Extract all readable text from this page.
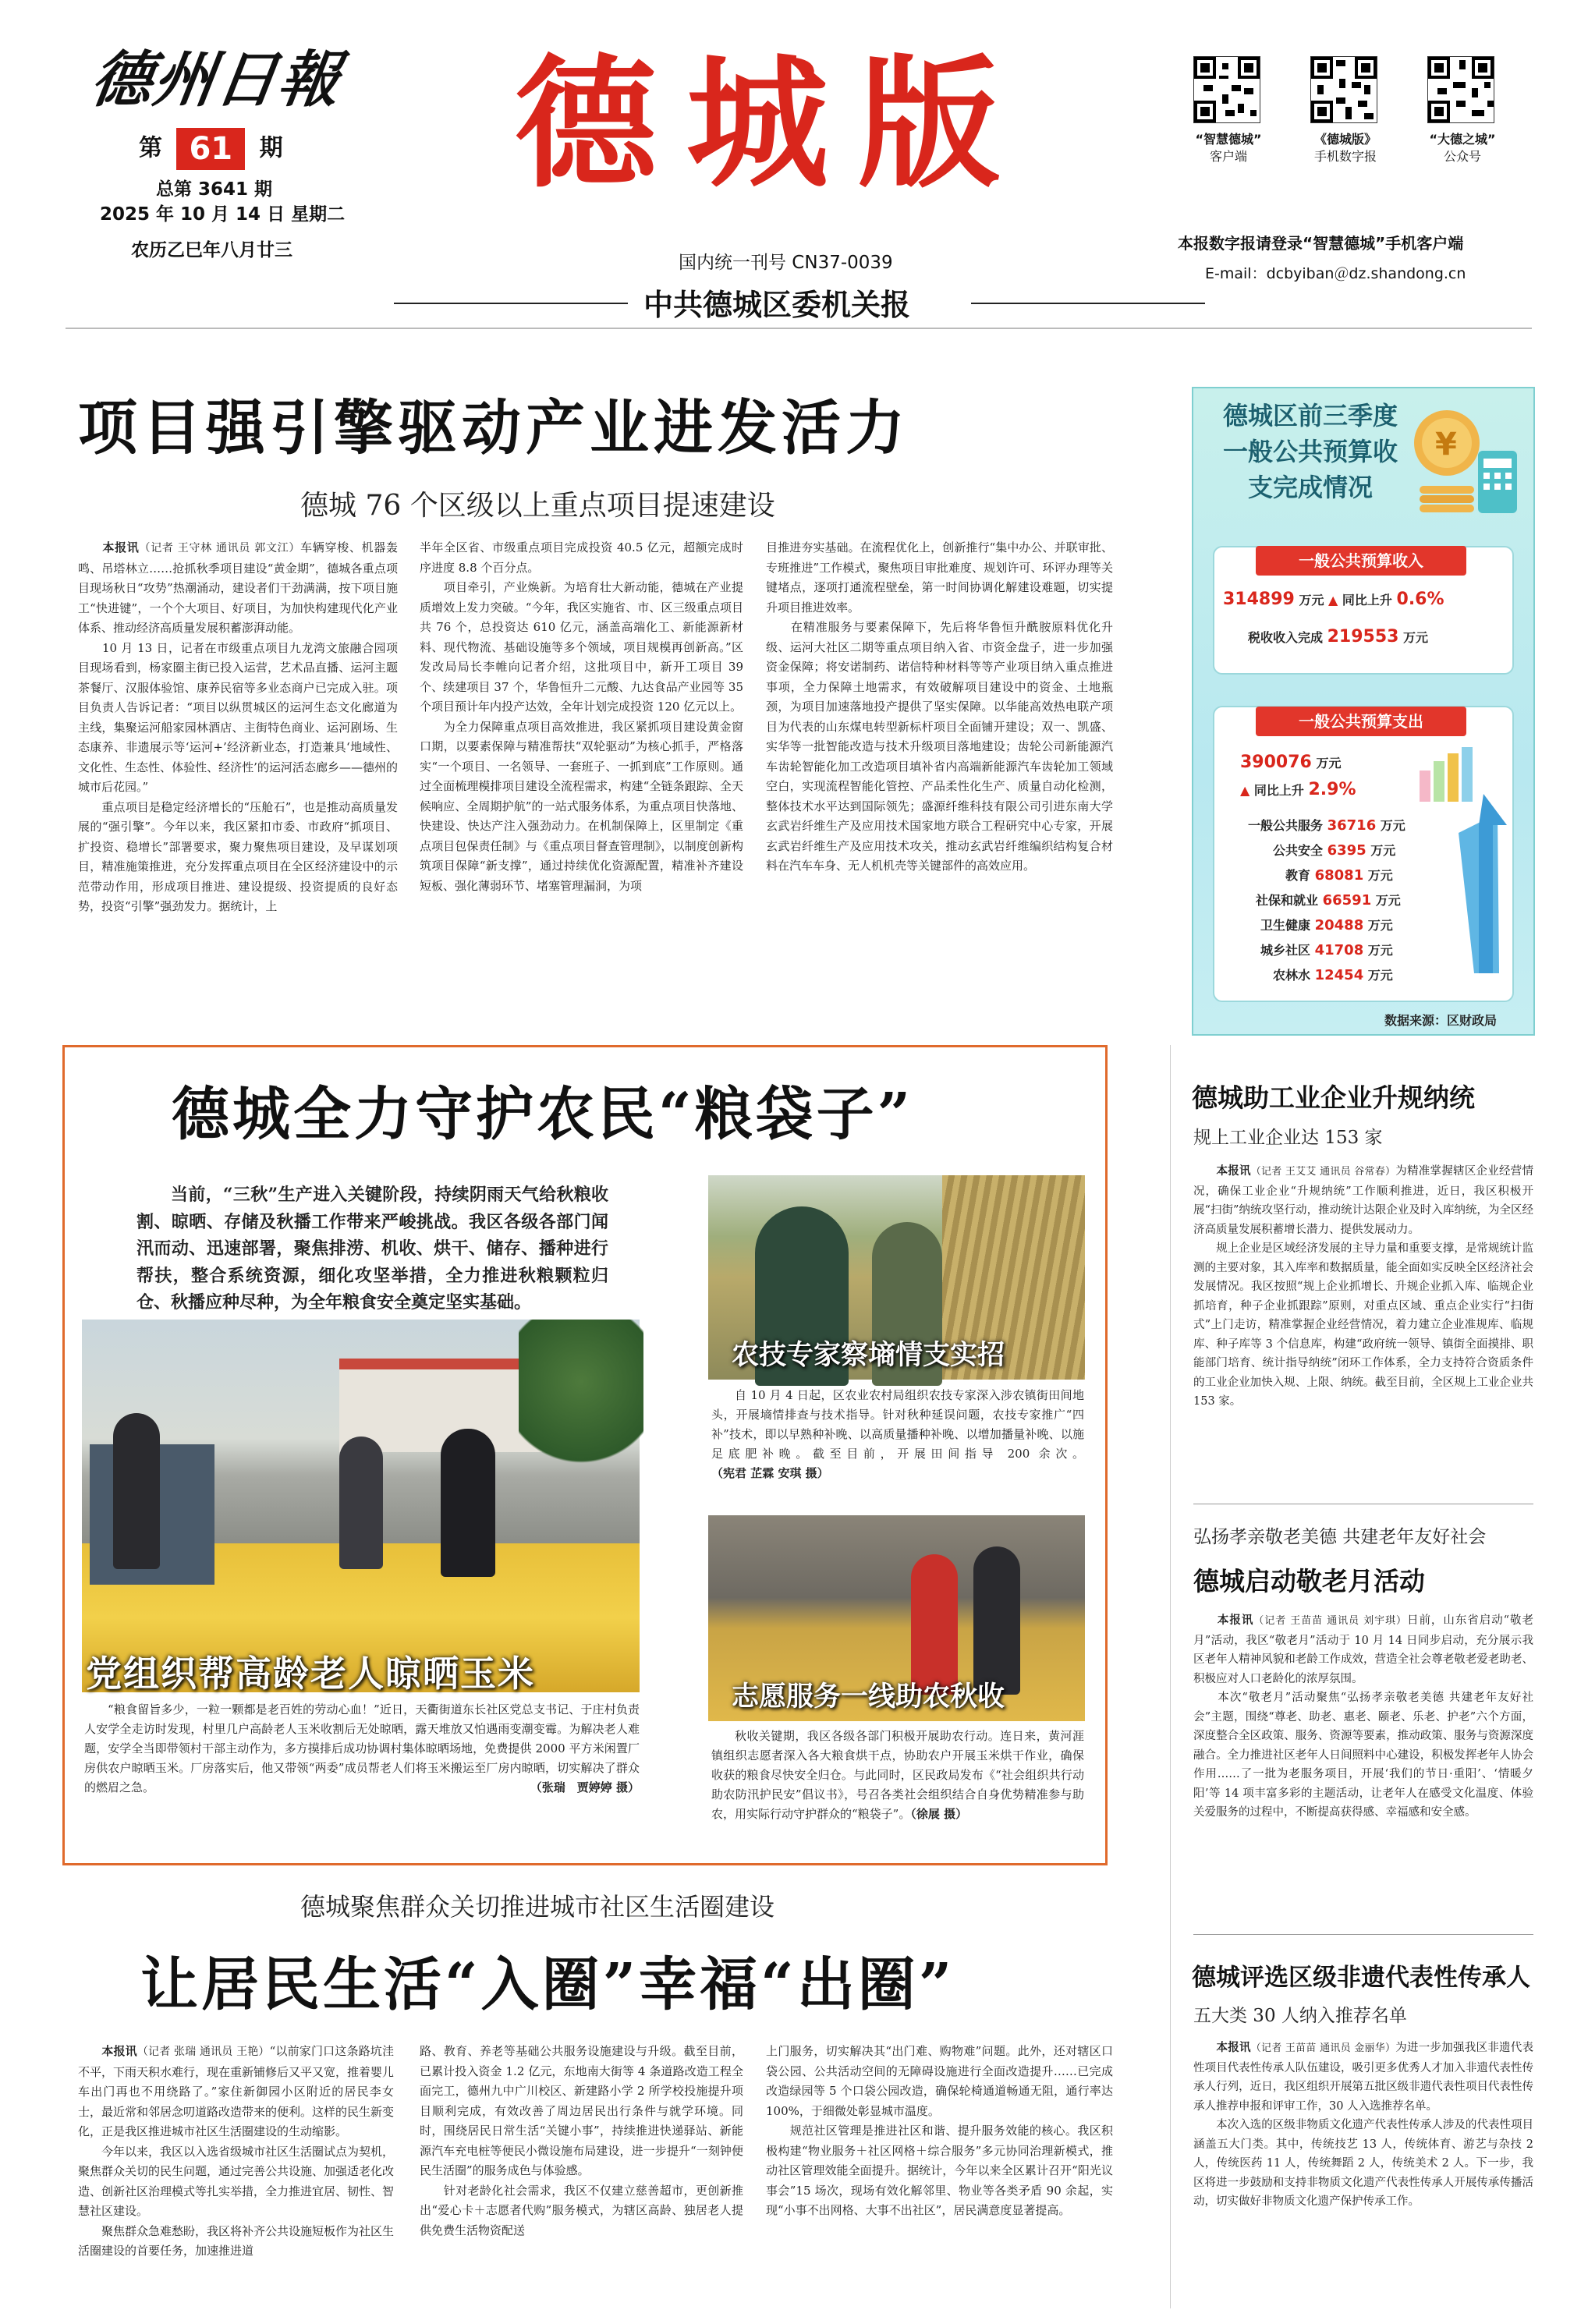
德州日報
第 61 期
总第 3641 期
2025 年 10 月 14 日 星期二
农历乙巳年八月廿三
德城版
国内统一刊号 CN37-0039
中共德城区委机关报
“智慧德城”
客户端
《德城版》
手机数字报
“大德之城”
公众号
本报数字报请登录“智慧德城”手机客户端
E-mail：dcbyiban＠dz.shandong.cn
项目强引擎驱动产业进发活力
德城 76 个区级以上重点项目提速建设
　　本报讯（记者 王守林 通讯员 郭文江）车辆穿梭、机器轰鸣、吊塔林立……抢抓秋季项目建设“黄金期”，德城各重点项目现场秋日“攻势”热潮涌动，建设者们干劲满满，按下项目施工“快进键”，一个个大项目、好项目，为加快构建现代化产业体系、推动经济高质量发展积蓄澎湃动能。
　　10 月 13 日，记者在市级重点项目九龙湾文旅融合园项目现场看到，杨家圈主街已投入运营，艺术品直播、运河主题茶餐厅、汉服体验馆、康养民宿等多业态商户已完成入驻。项目负责人告诉记者：“项目以纵贯城区的运河生态文化廊道为主线，集聚运河船家园林酒店、主街特色商业、运河剧场、生态康养、非遗展示等‘运河+’经济新业态，打造兼具‘地域性、文化性、生态性、体验性、经济性’的运河活态廊乡——德州的城市后花园。”
　　重点项目是稳定经济增长的“压舱石”，也是推动高质量发展的“强引擎”。今年以来，我区紧扣市委、市政府“抓项目、扩投资、稳增长”部署要求，聚力聚焦项目建设，及早谋划项目，精准施策推进，充分发挥重点项目在全区经济建设中的示范带动作用，形成项目推进、建设提级、投资提质的良好态势，投资“引擎”强劲发力。据统计，上
半年全区省、市级重点项目完成投资 40.5 亿元，超额完成时序进度 8.8 个百分点。
　　项目牵引，产业焕新。为培育壮大新动能，德城在产业提质增效上发力突破。“今年，我区实施省、市、区三级重点项目共 76 个，总投资达 610 亿元，涵盖高端化工、新能源新材料、现代物流、基础设施等多个领域，项目规模再创新高。”区发改局局长李帷向记者介绍，这批项目中，新开工项目 39 个、续建项目 37 个，华鲁恒升二元酸、九达食品产业园等 35 个项目预计年内投产达效，全年计划完成投资 120 亿元以上。
　　为全力保障重点项目高效推进，我区紧抓项目建设黄金窗口期，以要素保障与精准帮扶“双轮驱动”为核心抓手，严格落实“一个项目、一名领导、一套班子、一抓到底”工作原则。通过全面梳理模排项目建设全流程需求，构建“全链条跟踪、全天候响应、全周期护航”的一站式服务体系，为重点项目快落地、快建设、快达产注入强劲动力。在机制保障上，区里制定《重点项目包保责任制》与《重点项目督查管理制》，以制度创新构筑项目保障“新支撑”，通过持续优化资源配置，精准补齐建设短板、强化薄弱环节、堵塞管理漏洞，为项
目推进夯实基础。在流程优化上，创新推行“集中办公、并联审批、专班推进”工作模式，聚焦项目审批难度、规划许可、环评办理等关键堵点，逐项打通流程壁垒，第一时间协调化解建设难题，切实提升项目推进效率。
　　在精准服务与要素保障下，先后将华鲁恒升酰胺原料优化升级、运河大社区二期等重点项目纳入省、市资金盘子，进一步加强资金保障；将安诺制药、诺信特种材料等等产业项目纳入重点推进事项，全力保障土地需求，有效破解项目建设中的资金、土地瓶颈，为项目加速落地投产提供了坚实保障。以华能高效热电联产项目为代表的山东煤电转型新标杆项目全面铺开建设；双一、凯盛、实华等一批智能改造与技术升级项目落地建设；齿轮公司新能源汽车齿轮智能化加工改造项目填补省内高端新能源汽车齿轮加工领域空白，实现流程智能化管控、产品柔性化生产、质量自动化检测，整体技术水平达到国际领先；盛源纤维科技有限公司引进东南大学玄武岩纤维生产及应用技术国家地方联合工程研究中心专家，开展玄武岩纤维生产及应用技术攻关，推动玄武岩纤维编织结构复合材料在汽车车身、无人机机壳等关键部件的高效应用。
德城区前三季度一般公共预算收支完成情况
¥
一般公共预算收入
314899 万元 ▲ 同比上升 0.6%
税收收入完成 219553 万元
一般公共预算支出
390076 万元
▲ 同比上升 2.9%
一般公共服务 36716 万元
公共安全 6395 万元
教育 68081 万元
社保和就业 66591 万元
卫生健康 20488 万元
城乡社区 41708 万元
农林水 12454 万元
数据来源：区财政局
德城全力守护农民“粮袋子”
当前，“三秋”生产进入关键阶段，持续阴雨天气给秋粮收割、晾晒、存储及秋播工作带来严峻挑战。我区各级各部门闻汛而动、迅速部署，聚焦排涝、机收、烘干、储存、播种进行帮扶，整合系统资源，细化攻坚举措，全力推进秋粮颗粒归仓、秋播应种尽种，为全年粮食安全奠定坚实基础。
党组织帮高龄老人晾晒玉米
“粮食留旨多少，一粒一颗都是老百姓的劳动心血！”近日，天衢街道东长社区党总支书记、于庄村负责人安学全走访时发现，村里几户高龄老人玉米收割后无处晾晒，露天堆放又怕遇雨变潮变霉。为解决老人难题，安学全当即带领村干部主动作为，多方摸排后成功协调村集体晾晒场地，免费提供 2000 平方米闲置厂房供农户晾晒玉米。厂房落实后，他又带领“两委”成员帮老人们将玉米搬运至厂房内晾晒，切实解决了群众的燃眉之急。	（张瑞　贾婷婷 摄）
农技专家察墒情支实招
自 10 月 4 日起，区农业农村局组织农技专家深入涉农镇街田间地头，开展墒情排查与技术指导。针对秋种延误问题，农技专家推广“四补”技术，即以早熟种补晚、以高质量播种补晚、以增加播量补晚、以施足底肥补晚。截至目前，开展田间指导 200 余次。（宪君 芷霖 安琪 摄）
志愿服务一线助农秋收
秋收关键期，我区各级各部门积极开展助农行动。连日来，黄河涯镇组织志愿者深入各大粮食烘干点，协助农户开展玉米烘干作业，确保收获的粮食尽快安全归仓。与此同时，区民政局发布《“社会组织共行动助农防汛护民安”倡议书》，号召各类社会组织结合自身优势精准参与助农，用实际行动守护群众的“粮袋子”。（徐展 摄）
德城助工业企业升规纳统
规上工业企业达 153 家
　　本报讯（记者 王艾艾 通讯员 谷常春）为精准掌握辖区企业经营情况，确保工业企业“升规纳统”工作顺利推进，近日，我区积极开展“扫街”纳统攻坚行动，推动统计达限企业及时入库纳统，为全区经济高质量发展积蓄增长潜力、提供发展动力。
　　规上企业是区域经济发展的主导力量和重要支撑，是常规统计监测的主要对象，其入库率和数据质量，能全面如实反映全区经济社会发展情况。我区按照“规上企业抓增长、升规企业抓入库、临规企业抓培育，种子企业抓跟踪”原则，对重点区域、重点企业实行“扫街式”上门走访，精准掌握企业经营情况，着力建立企业准规库、临规库、种子库等 3 个信息库，构建“政府统一领导、镇街全面摸排、职能部门培育、统计指导纳统”闭环工作体系，全力支持符合资质条件的工业企业加快入规、上限、纳统。截至目前，全区规上工业企业共 153 家。
弘扬孝亲敬老美德 共建老年友好社会
德城启动敬老月活动
　　本报讯（记者 王苗苗 通讯员 刘宇琪）日前，山东省启动“敬老月”活动，我区“敬老月”活动于 10 月 14 日同步启动，充分展示我区老年人精神风貌和老龄工作成效，营造全社会尊老敬老爱老助老、积极应对人口老龄化的浓厚氛围。
　　本次“敬老月”活动聚焦“弘扬孝亲敬老美德 共建老年友好社会”主题，围绕“尊老、助老、惠老、颐老、乐老、护老”六个方面，深度整合全区政策、服务、资源等要素，推动政策、服务与资源深度融合。全力推进社区老年人日间照料中心建设，积极发挥老年人协会作用……了一批为老服务项目，开展‘我们的节日·重阳’、‘情暖夕阳’等 14 项丰富多彩的主题活动，让老年人在感受文化温度、体验关爱服务的过程中，不断提高获得感、幸福感和安全感。
德城评选区级非遗代表性传承人
五大类 30 人纳入推荐名单
　　本报讯（记者 王苗苗 通讯员 金丽华）为进一步加强我区非遗代表性项目代表性传承人队伍建设，吸引更多优秀人才加入非遗代表性传承人行列，近日，我区组织开展第五批区级非遗代表性项目代表性传承人推荐申报和评审工作，30 人入选推荐名单。
　　本次入选的区级非物质文化遗产代表性传承人涉及的代表性项目涵盖五大门类。其中，传统技艺 13 人，传统体育、游艺与杂技 2 人，传统医药 11 人，传统舞蹈 2 人，传统美术 2 人。下一步，我区将进一步鼓励和支持非物质文化遗产代表性传承人开展传承传播活动，切实做好非物质文化遗产保护传承工作。
德城聚焦群众关切推进城市社区生活圈建设
让居民生活“入圈”幸福“出圈”
　　本报讯（记者 张瑞 通讯员 王艳）“以前家门口这条路坑洼不平，下雨天积水难行，现在重新铺修后又平又宽，推着婴儿车出门再也不用绕路了。”家住新御园小区附近的居民李女士，最近常和邻居念叨道路改造带来的便利。这样的民生新变化，正是我区推进城市社区生活圈建设的生动缩影。
　　今年以来，我区以入选省级城市社区生活圈试点为契机，聚焦群众关切的民生问题，通过完善公共设施、加强适老化改造、创新社区治理模式等扎实举措，全力推进宜居、韧性、智慧社区建设。
　　聚焦群众急难愁盼，我区将补齐公共设施短板作为社区生活圈建设的首要任务，加速推进道
路、教育、养老等基础公共服务设施建设与升级。截至目前，已累计投入资金 1.2 亿元，东地南大街等 4 条道路改造工程全面完工，德州九中广川校区、新建路小学 2 所学校投施提升项目顺利完成，有效改善了周边居民出行条件与就学环境。同时，围绕居民日常生活“关键小事”，持续推进快递驿站、新能源汽车充电桩等便民小微设施布局建设，进一步提升“一刻钟便民生活圈”的服务成色与体验感。
　　针对老龄化社会需求，我区不仅建立慈善超市，更创新推出“爱心卡＋志愿者代购”服务模式，为辖区高龄、独居老人提供免费生活物资配送
上门服务，切实解决其“出门难、购物难”问题。此外，还对辖区口袋公园、公共活动空间的无障碍设施进行全面改造提升……已完成改造绿园等 5 个口袋公园改造，确保轮椅通道畅通无阻，通行率达 100%，于细微处彰显城市温度。
　　规范社区管理是推进社区和谐、提升服务效能的核心。我区积极构建“物业服务＋社区网格＋综合服务”多元协同治理新模式，推动社区管理效能全面提升。据统计，今年以来全区累计召开“阳光议事会”15 场次，现场有效化解邻里、物业等各类矛盾 90 余起，实现“小事不出网格、大事不出社区”，居民满意度显著提高。
